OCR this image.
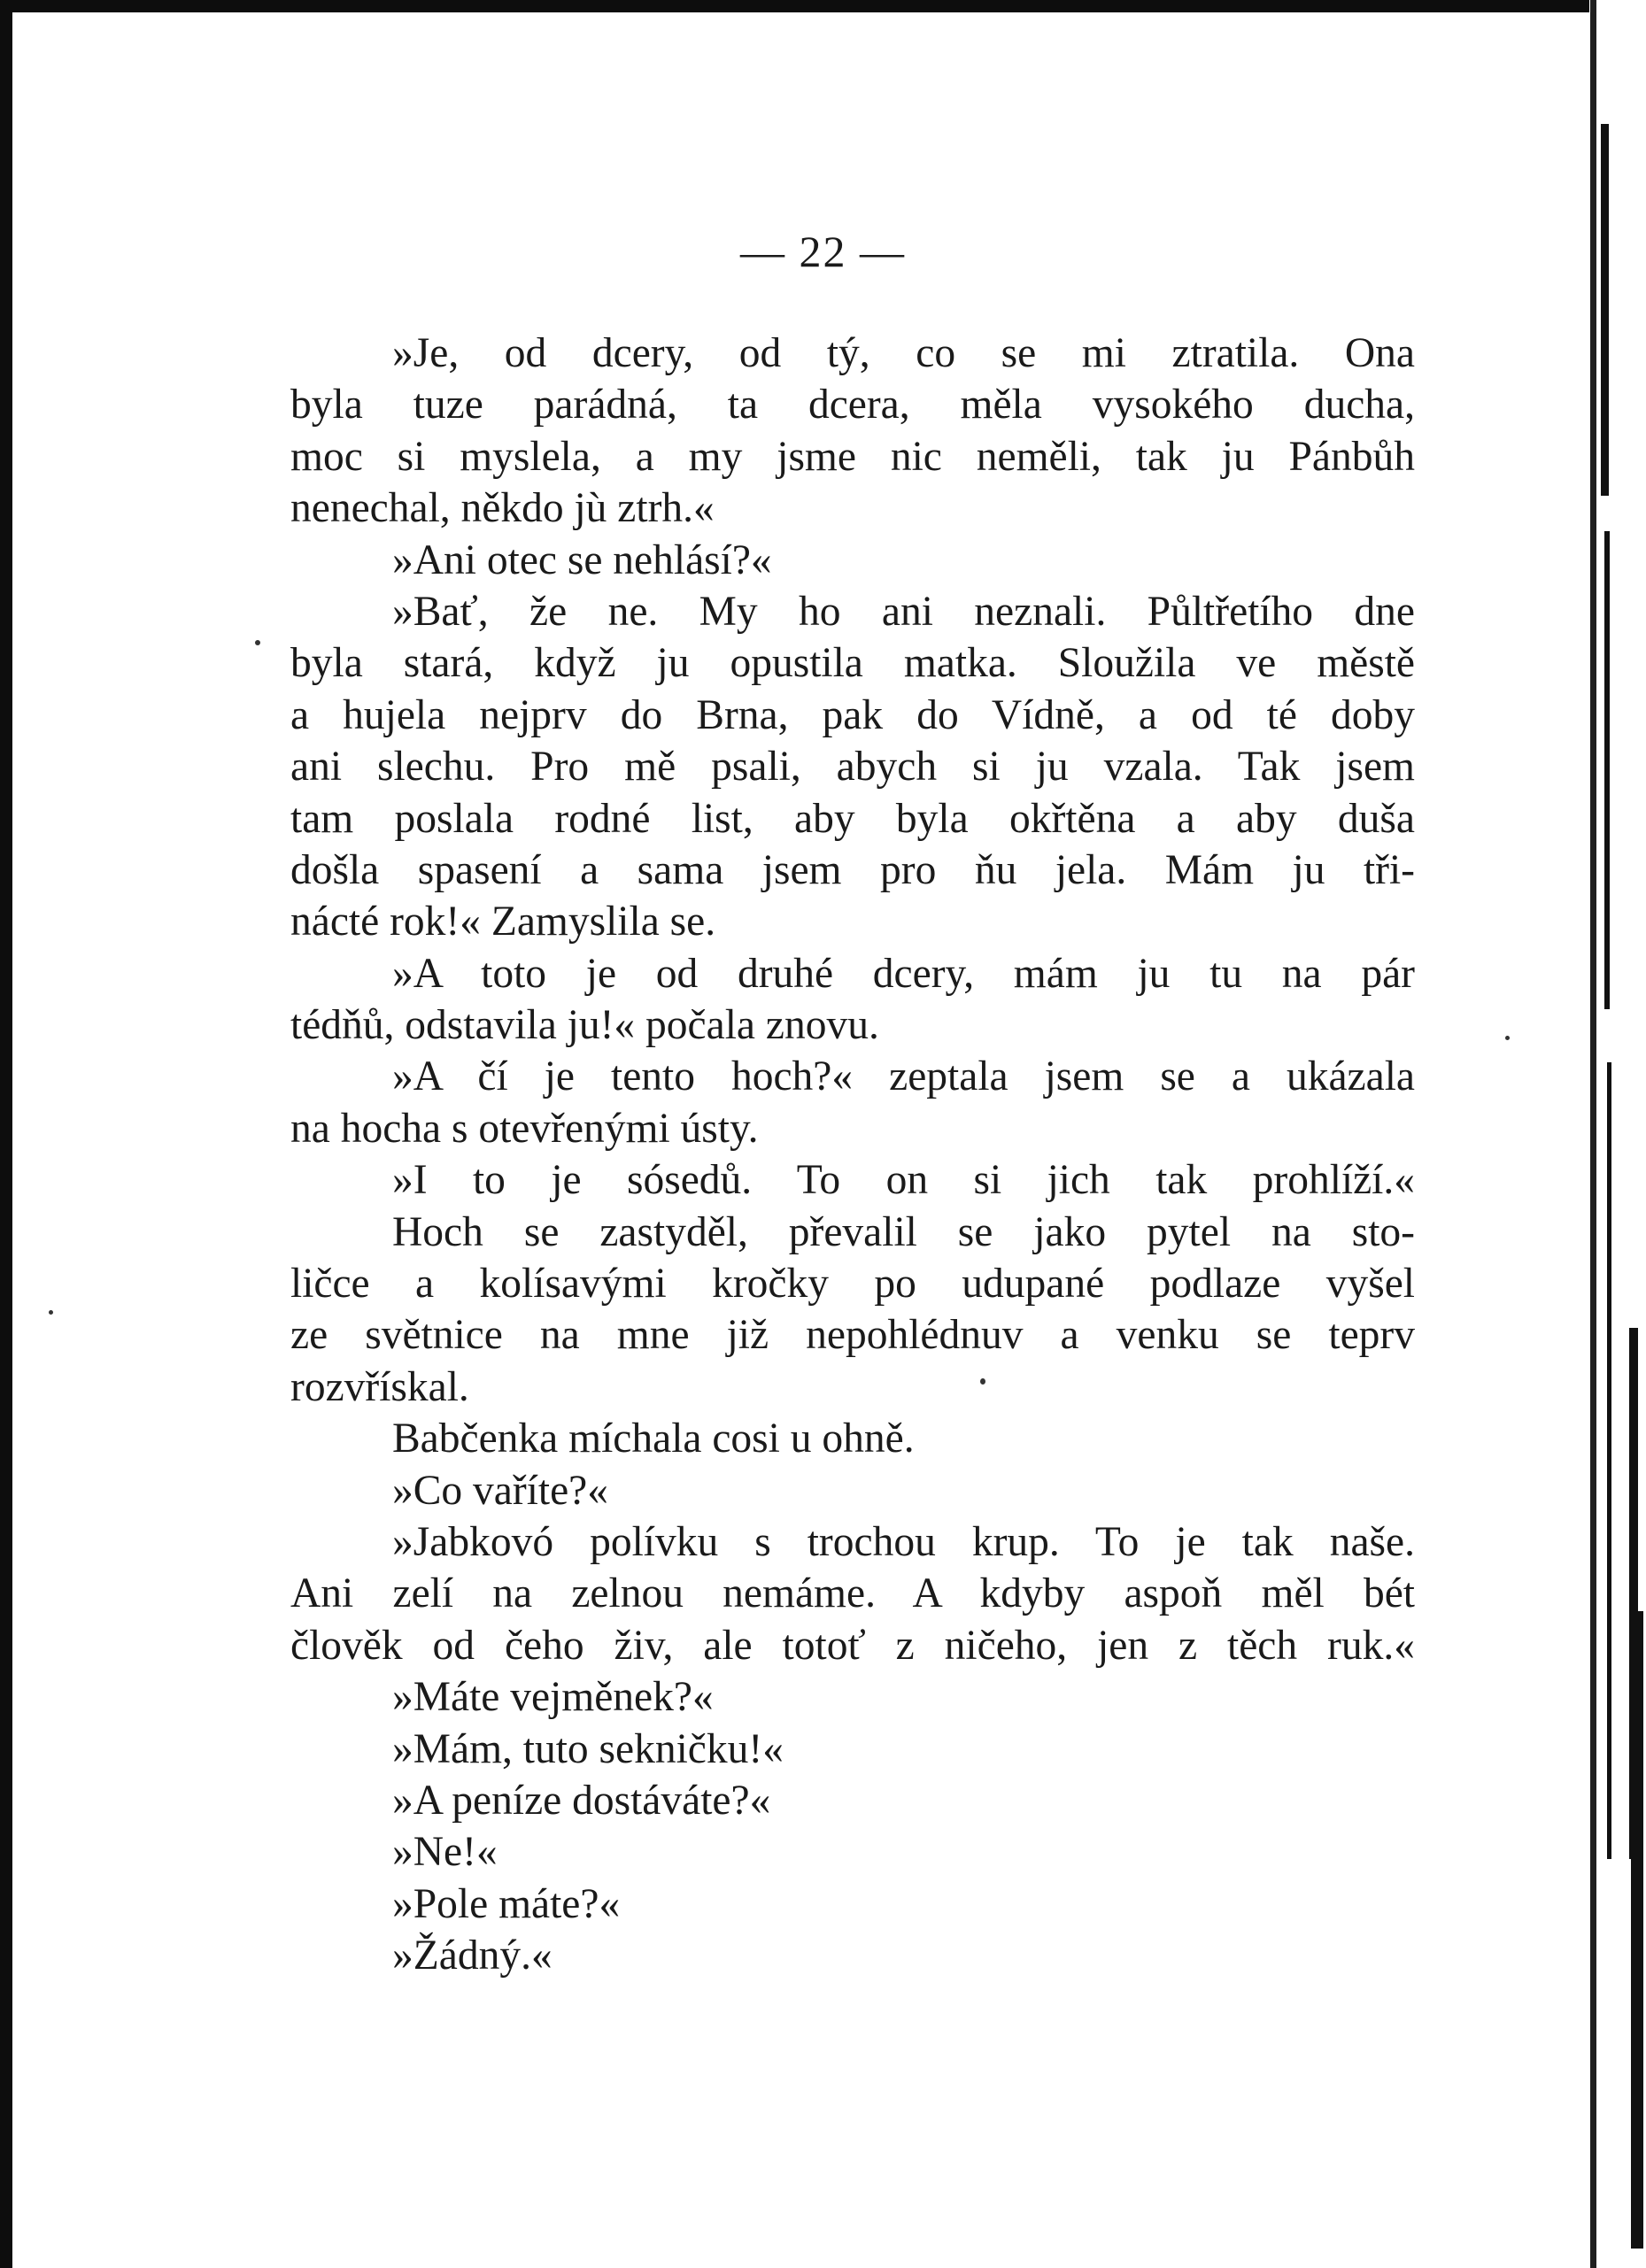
— 22 —
»Je, od dcery, od tý, co se mi ztratila. Ona
byla tuze parádná, ta dcera, měla vysokého ducha,
moc si myslela, a my jsme nic neměli, tak ju Pánbůh
nenechal, někdo jù ztrh.«
»Ani otec se nehlásí?«
»Bať, že ne. My ho ani neznali. Půltřetího dne
byla stará, když ju opustila matka. Sloužila ve městě
a hujela nejprv do Brna, pak do Vídně, a od té doby
ani slechu. Pro mě psali, abych si ju vzala. Tak jsem
tam poslala rodné list, aby byla okřtěna a aby duša
došla spasení a sama jsem pro ňu jela. Mám ju tři-
nácté rok!« Zamyslila se.
»A toto je od druhé dcery, mám ju tu na pár
tédňů, odstavila ju!« počala znovu.
»A čí je tento hoch?« zeptala jsem se a ukázala
na hocha s otevřenými ústy.
»I to je sósedů. To on si jich tak prohlíží.«
Hoch se zastyděl, převalil se jako pytel na sto-
ličce a kolísavými kročky po udupané podlaze vyšel
ze světnice na mne již nepohlédnuv a venku se teprv
rozvřískal.
Babčenka míchala cosi u ohně.
»Co vaříte?«
»Jabkovó polívku s trochou krup. To je tak naše.
Ani zelí na zelnou nemáme. A kdyby aspoň měl bét
člověk od čeho živ, ale totoť z ničeho, jen z těch ruk.«
»Máte vejměnek?«
»Mám, tuto sekničku!«
»A peníze dostáváte?«
»Ne!«
»Pole máte?«
»Žádný.«
